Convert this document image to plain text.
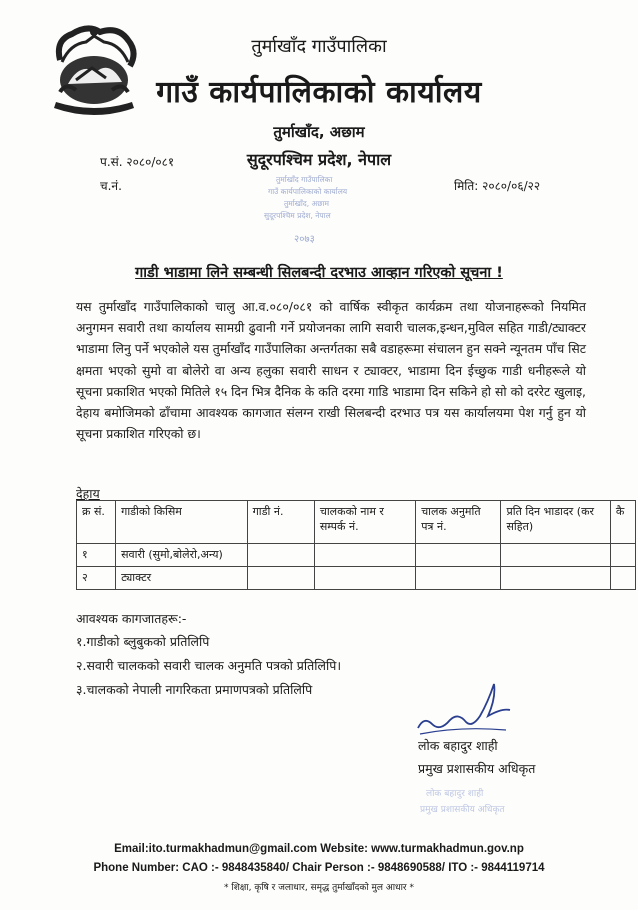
तुर्माखाँद गाउँपालिका
गाउँ कार्यपालिकाको कार्यालय
तुर्माखाँद, अछाम
सुदूरपश्चिम प्रदेश, नेपाल
प.सं. २०८०/०८१
च.नं.	मिति: २०८०/०६/२२
तुर्माखाँद गाउँपालिका
गाउँ कार्यपालिकाको कार्यालय
तुर्माखाँद, अछाम
सुदूरपश्चिम प्रदेश, नेपाल
२०७३
गाडी भाडामा लिने सम्बन्धी सिलबन्दी दरभाउ आव्हान गरिएको सूचना !
यस तुर्माखाँद गाउँपालिकाको चालु आ.व.०८०/०८१ को वार्षिक स्वीकृत कार्यक्रम तथा योजनाहरूको नियमित अनुगमन सवारी तथा कार्यालय सामग्री ढुवानी गर्ने प्रयोजनका लागि सवारी चालक,इन्धन,मुविल सहित गाडी/ट्याक्टर भाडामा लिनु पर्ने भएकोले यस तुर्माखाँद गाउँपालिका अन्तर्गतका सबै वडाहरूमा संचालन हुन सक्ने न्यूनतम पाँच सिट क्षमता भएको सुमो वा बोलेरो वा अन्य हलुका सवारी साधन र ट्याक्टर, भाडामा दिन ईच्छुक गाडी धनीहरूले यो सूचना प्रकाशित भएको मितिले १५ दिन भित्र दैनिक के कति दरमा गाडि भाडामा दिन सकिने हो सो को दररेट खुलाइ, देहाय बमोजिमको ढाँचामा आवश्यक कागजात संलग्न राखी सिलबन्दी दरभाउ पत्र यस कार्यालयमा पेश गर्नु हुन यो सूचना प्रकाशित गरिएको छ।
देहाय
क्र सं.	गाडीको किसिम	गाडी नं.	चालकको नाम र सम्पर्क नं.	चालक अनुमति पत्र नं.	प्रति दिन भाडादर (कर सहित)	कै
१	सवारी (सुमो,बोलेरो,अन्य)					
२	ट्याक्टर					
आवश्यक कागजातहरू:-
१.गाडीको ब्लुबुकको प्रतिलिपि
२.सवारी चालकको सवारी चालक अनुमति पत्रको प्रतिलिपि।
३.चालकको नेपाली नागरिकता प्रमाणपत्रको प्रतिलिपि
लोक बहादुर शाही
प्रमुख प्रशासकीय अधिकृत
लोक बहादुर शाही
प्रमुख प्रशासकीय अधिकृत
Email:ito.turmakhadmun@gmail.com Website: www.turmakhadmun.gov.np
Phone Number: CAO :- 9848435840/ Chair Person :- 9848690588/ ITO :- 9844119714
* शिक्षा, कृषि र जलाधार, समृद्ध तुर्माखाँदको मुल आधार *
